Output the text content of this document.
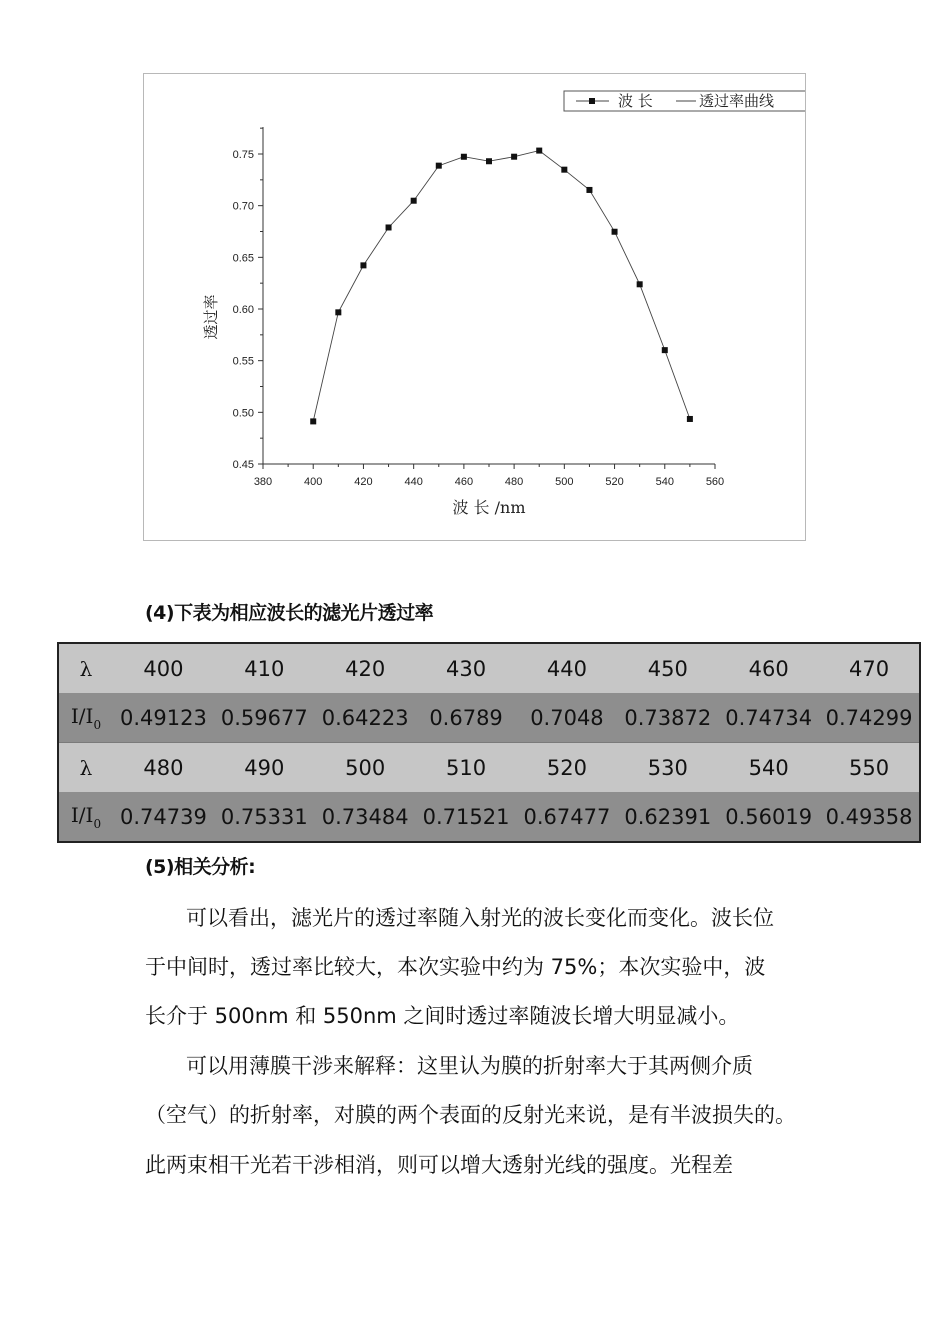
380	400	420	440	460	480	500	520	540	560
0.45
0.50
0.55
0.60
0.65
0.70
0.75
波 长 /nm
透过率
波 长	透过率曲线
(4)下表为相应波长的滤光片透过率
λ	400	410	420	430	440	450	460	470
$I/I_0$	0.49123	0.59677	0.64223	0.6789	0.7048	0.73872	0.74734	0.74299
λ	480	490	500	510	520	530	540	550
$I/I_0$	0.74739	0.75331	0.73484	0.71521	0.67477	0.62391	0.56019	0.49358
(5)相关分析:
可以看出，滤光片的透过率随入射光的波长变化而变化。波长位
于中间时，透过率比较大，本次实验中约为 75%；本次实验中，波
长介于 500nm 和 550nm 之间时透过率随波长增大明显减小。
可以用薄膜干涉来解释：这里认为膜的折射率大于其两侧介质
（空气）的折射率，对膜的两个表面的反射光来说，是有半波损失的。
此两束相干光若干涉相消，则可以增大透射光线的强度。光程差
